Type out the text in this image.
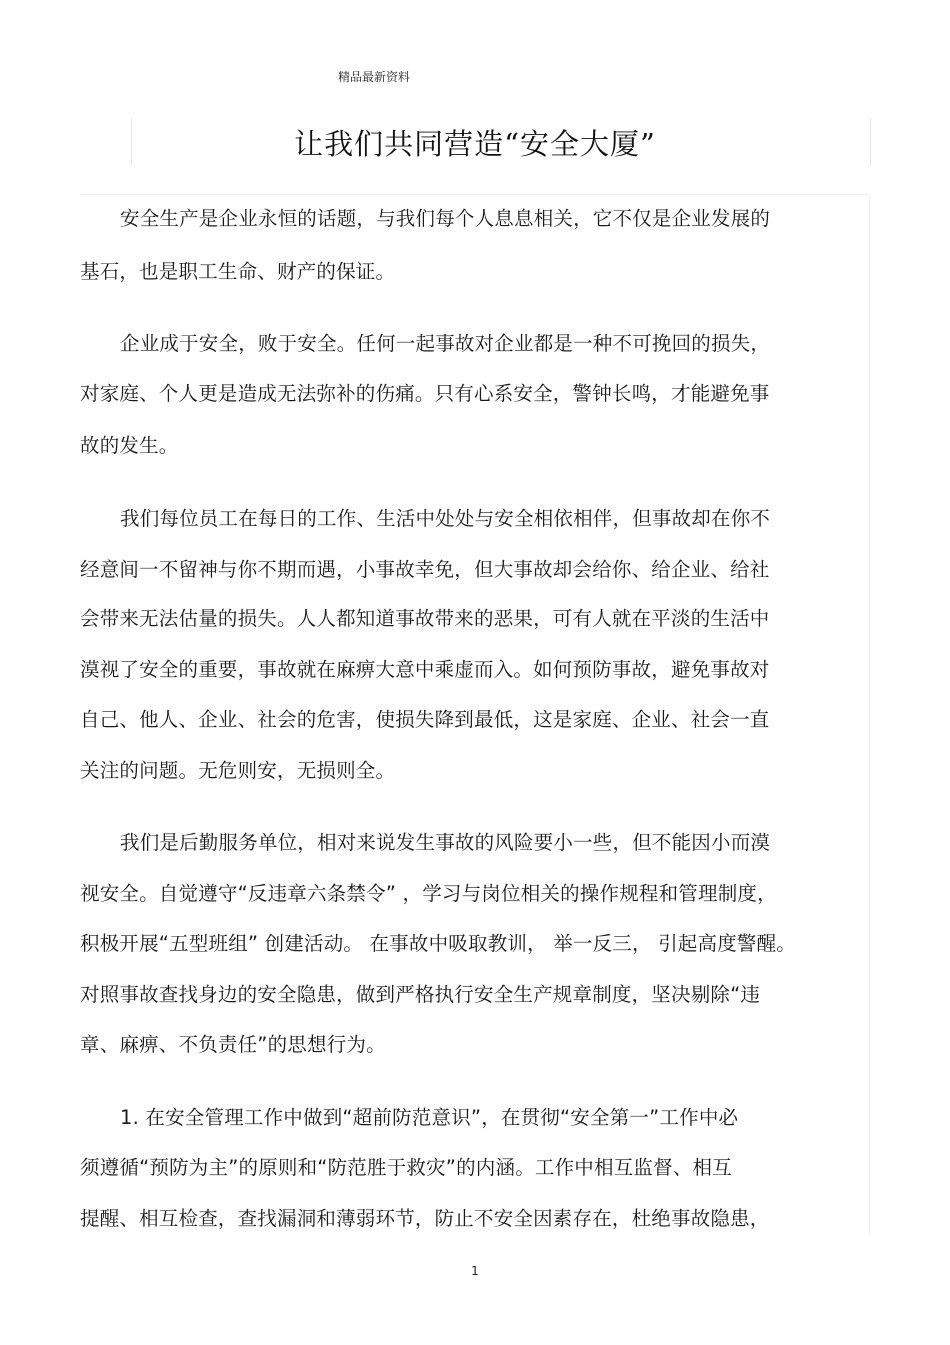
精品最新资料
让我们共同营造“安全大厦”
安全生产是企业永恒的话题，与我们每个人息息相关，它不仅是企业发展的
基石，也是职工生命、财产的保证。
企业成于安全，败于安全。任何一起事故对企业都是一种不可挽回的损失，
对家庭、个人更是造成无法弥补的伤痛。只有心系安全，警钟长鸣，才能避免事
故的发生。
我们每位员工在每日的工作、生活中处处与安全相依相伴，但事故却在你不
经意间一不留神与你不期而遇，小事故幸免，但大事故却会给你、给企业、给社
会带来无法估量的损失。人人都知道事故带来的恶果，可有人就在平淡的生活中
漠视了安全的重要，事故就在麻痹大意中乘虚而入。如何预防事故，避免事故对
自己、他人、企业、社会的危害，使损失降到最低，这是家庭、企业、社会一直
关注的问题。无危则安，无损则全。
我们是后勤服务单位，相对来说发生事故的风险要小一些，但不能因小而漠
视安全。自觉遵守“反违章六条禁令” ，学习与岗位相关的操作规程和管理制度，
积极开展“五型班组” 创建活动。 在事故中吸取教训， 举一反三， 引起高度警醒。
对照事故查找身边的安全隐患，做到严格执行安全生产规章制度，坚决剔除“违
章、麻痹、不负责任”的思想行为。
1. 在安全管理工作中做到“超前防范意识”，在贯彻“安全第一”工作中必
须遵循“预防为主”的原则和“防范胜于救灾”的内涵。工作中相互监督、相互
提醒、相互检查，查找漏洞和薄弱环节，防止不安全因素存在，杜绝事故隐患，
1
